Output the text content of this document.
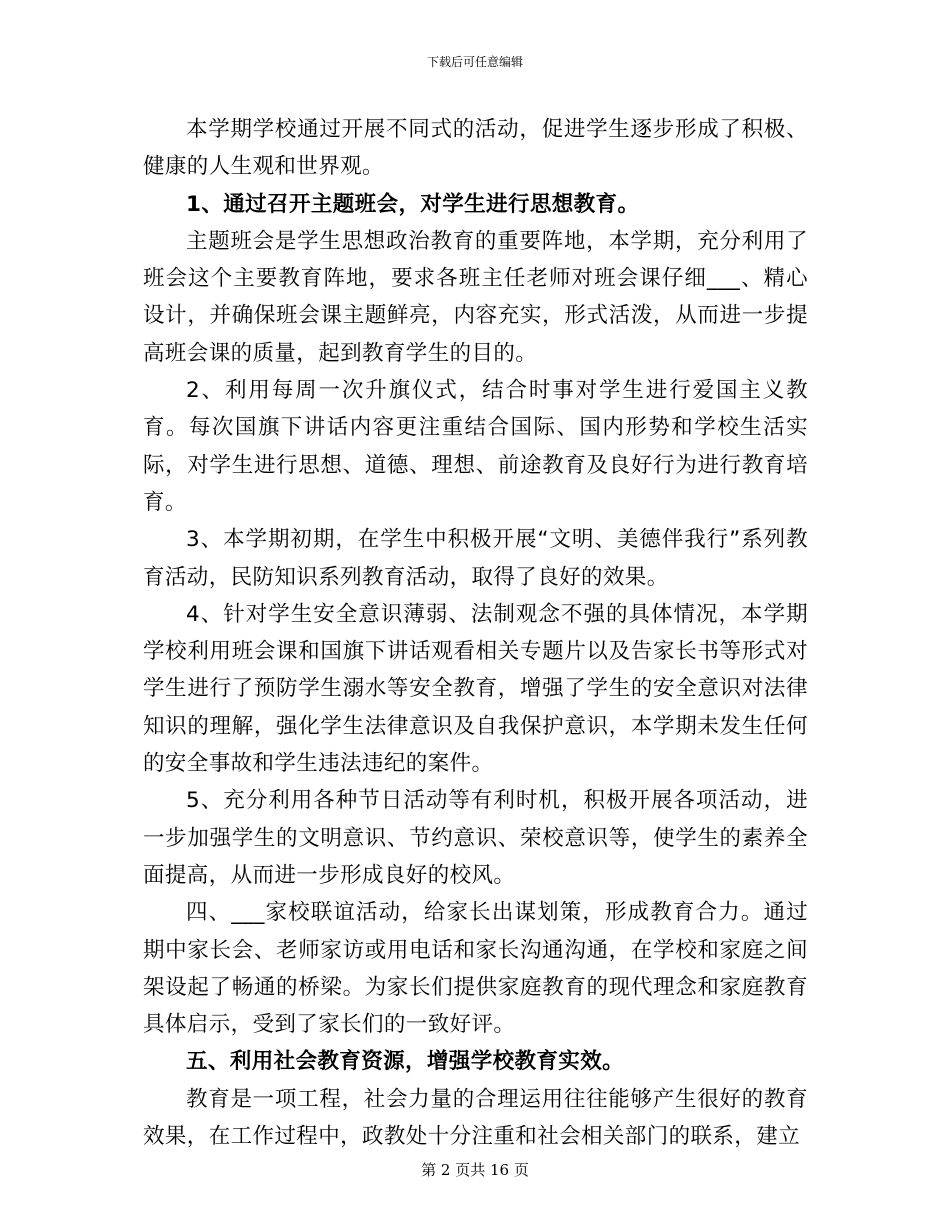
下载后可任意编辑

本学期学校通过开展不同式的活动，促进学生逐步形成了积极、健康的人生观和世界观。

1、通过召开主题班会，对学生进行思想教育。

主题班会是学生思想政治教育的重要阵地，本学期，充分利用了班会这个主要教育阵地，要求各班主任老师对班会课仔细___、精心设计，并确保班会课主题鲜亮，内容充实，形式活泼，从而进一步提高班会课的质量，起到教育学生的目的。

2、利用每周一次升旗仪式，结合时事对学生进行爱国主义教育。每次国旗下讲话内容更注重结合国际、国内形势和学校生活实际，对学生进行思想、道德、理想、前途教育及良好行为进行教育培育。

3、本学期初期，在学生中积极开展“文明、美德伴我行”系列教育活动，民防知识系列教育活动，取得了良好的效果。

4、针对学生安全意识薄弱、法制观念不强的具体情况，本学期学校利用班会课和国旗下讲话观看相关专题片以及告家长书等形式对学生进行了预防学生溺水等安全教育，增强了学生的安全意识对法律知识的理解，强化学生法律意识及自我保护意识，本学期未发生任何的安全事故和学生违法违纪的案件。

5、充分利用各种节日活动等有利时机，积极开展各项活动，进一步加强学生的文明意识、节约意识、荣校意识等，使学生的素养全面提高，从而进一步形成良好的校风。

四、___家校联谊活动，给家长出谋划策，形成教育合力。通过期中家长会、老师家访或用电话和家长沟通沟通，在学校和家庭之间架设起了畅通的桥梁。为家长们提供家庭教育的现代理念和家庭教育具体启示，受到了家长们的一致好评。

五、利用社会教育资源，增强学校教育实效。

教育是一项工程，社会力量的合理运用往往能够产生很好的教育效果，在工作过程中，政教处十分注重和社会相关部门的联系，建立

第 2 页共 16 页
